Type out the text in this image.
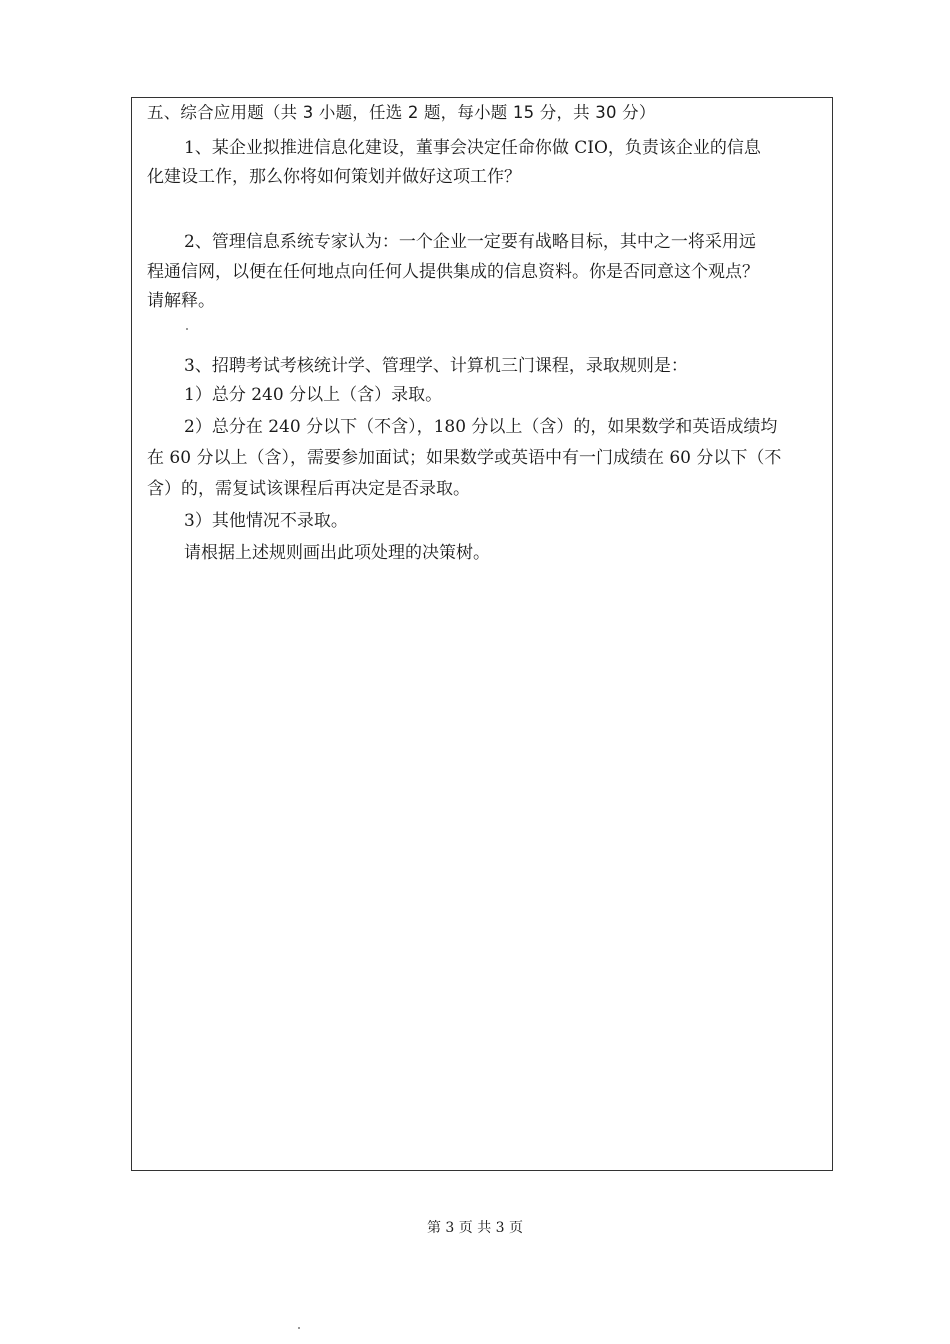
五、综合应用题（共 3 小题，任选 2 题，每小题 15 分，共 30 分）
1、某企业拟推进信息化建设，董事会决定任命你做 CIO，负责该企业的信息
化建设工作，那么你将如何策划并做好这项工作？
2、管理信息系统专家认为：一个企业一定要有战略目标，其中之一将采用远
程通信网，以便在任何地点向任何人提供集成的信息资料。你是否同意这个观点？
请解释。
3、招聘考试考核统计学、管理学、计算机三门课程，录取规则是：
1）总分 240 分以上（含）录取。
2）总分在 240 分以下（不含），180 分以上（含）的，如果数学和英语成绩均
在 60 分以上（含），需要参加面试；如果数学或英语中有一门成绩在 60 分以下（不
含）的，需复试该课程后再决定是否录取。
3）其他情况不录取。
请根据上述规则画出此项处理的决策树。
第 3 页 共 3 页
